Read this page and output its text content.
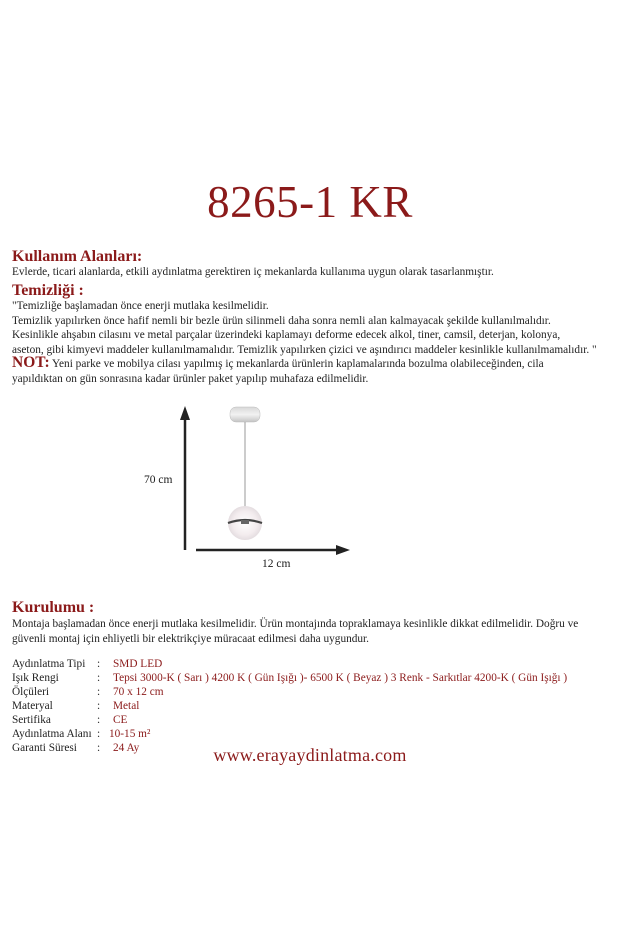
8265-1 KR
Kullanım Alanları:
Evlerde, ticari alanlarda, etkili aydınlatma gerektiren iç mekanlarda kullanıma uygun olarak tasarlanmıştır.
Temizliği :
"Temizliğe başlamadan önce enerji mutlaka kesilmelidir.
Temizlik yapılırken önce hafif nemli bir bezle ürün silinmeli daha sonra nemli alan kalmayacak şekilde kullanılmalıdır.
Kesinlikle ahşabın cilasını ve metal parçalar üzerindeki kaplamayı deforme edecek alkol, tiner, camsil, deterjan, kolonya,
aseton, gibi kimyevi maddeler kullanılmamalıdır. Temizlik yapılırken çizici ve aşındırıcı maddeler kesinlikle kullanılmamalıdır. "
NOT: Yeni parke ve mobilya cilası yapılmış iç mekanlarda ürünlerin kaplamalarında bozulma olabileceğinden, cila
yapıldıktan on gün sonrasına kadar ürünler paket yapılıp muhafaza edilmelidir.
70 cm
12 cm
Kurulumu :
Montaja başlamadan önce enerji mutlaka kesilmelidir. Ürün montajında topraklamaya kesinlikle dikkat edilmelidir. Doğru ve
güvenli montaj için ehliyetli bir elektrikçiye müracaat edilmesi daha uygundur.
Aydınlatma Tipi	:	SMD LED
Işık Rengi	:	Tepsi 3000-K ( Sarı ) 4200 K ( Gün Işığı )- 6500 K ( Beyaz ) 3 Renk - Sarkıtlar 4200-K ( Gün Işığı )
Ölçüleri	:	70 x 12 cm
Materyal	:	Metal
Sertifika	:	CE
Aydınlatma Alanı : 10-15 m²
Garanti Süresi	:	24 Ay	www.erayaydinlatma.com
